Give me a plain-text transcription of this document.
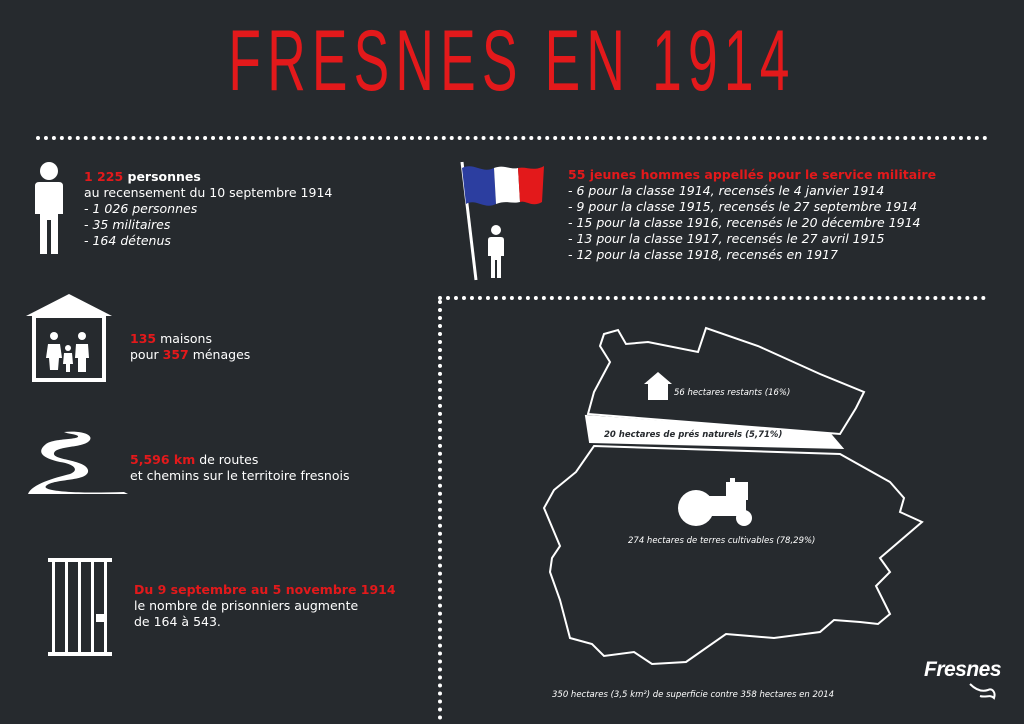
FRESNES EN 1914
1 225 personnes
au recensement du 10 septembre 1914
- 1 026 personnes
- 35 militaires
- 164 détenus
55 jeunes hommes appellés pour le service militaire
- 6 pour la classe 1914, recensés le 4 janvier 1914
- 9 pour la classe 1915, recensés le 27 septembre 1914
- 15 pour la classe 1916, recensés le 20 décembre 1914
- 13 pour la classe 1917, recensés le 27 avril 1915
- 12 pour la classe 1918, recensés en 1917
135 maisons
pour 357 ménages
5,596 km de routes
et chemins sur le territoire fresnois
Du 9 septembre au 5 novembre 1914
le nombre de prisonniers augmente
de 164 à 543.
56 hectares restants (16%)
20 hectares de prés naturels (5,71%)
274 hectares de terres cultivables (78,29%)
350 hectares (3,5 km²) de superficie contre 358 hectares en 2014
Fresnes
